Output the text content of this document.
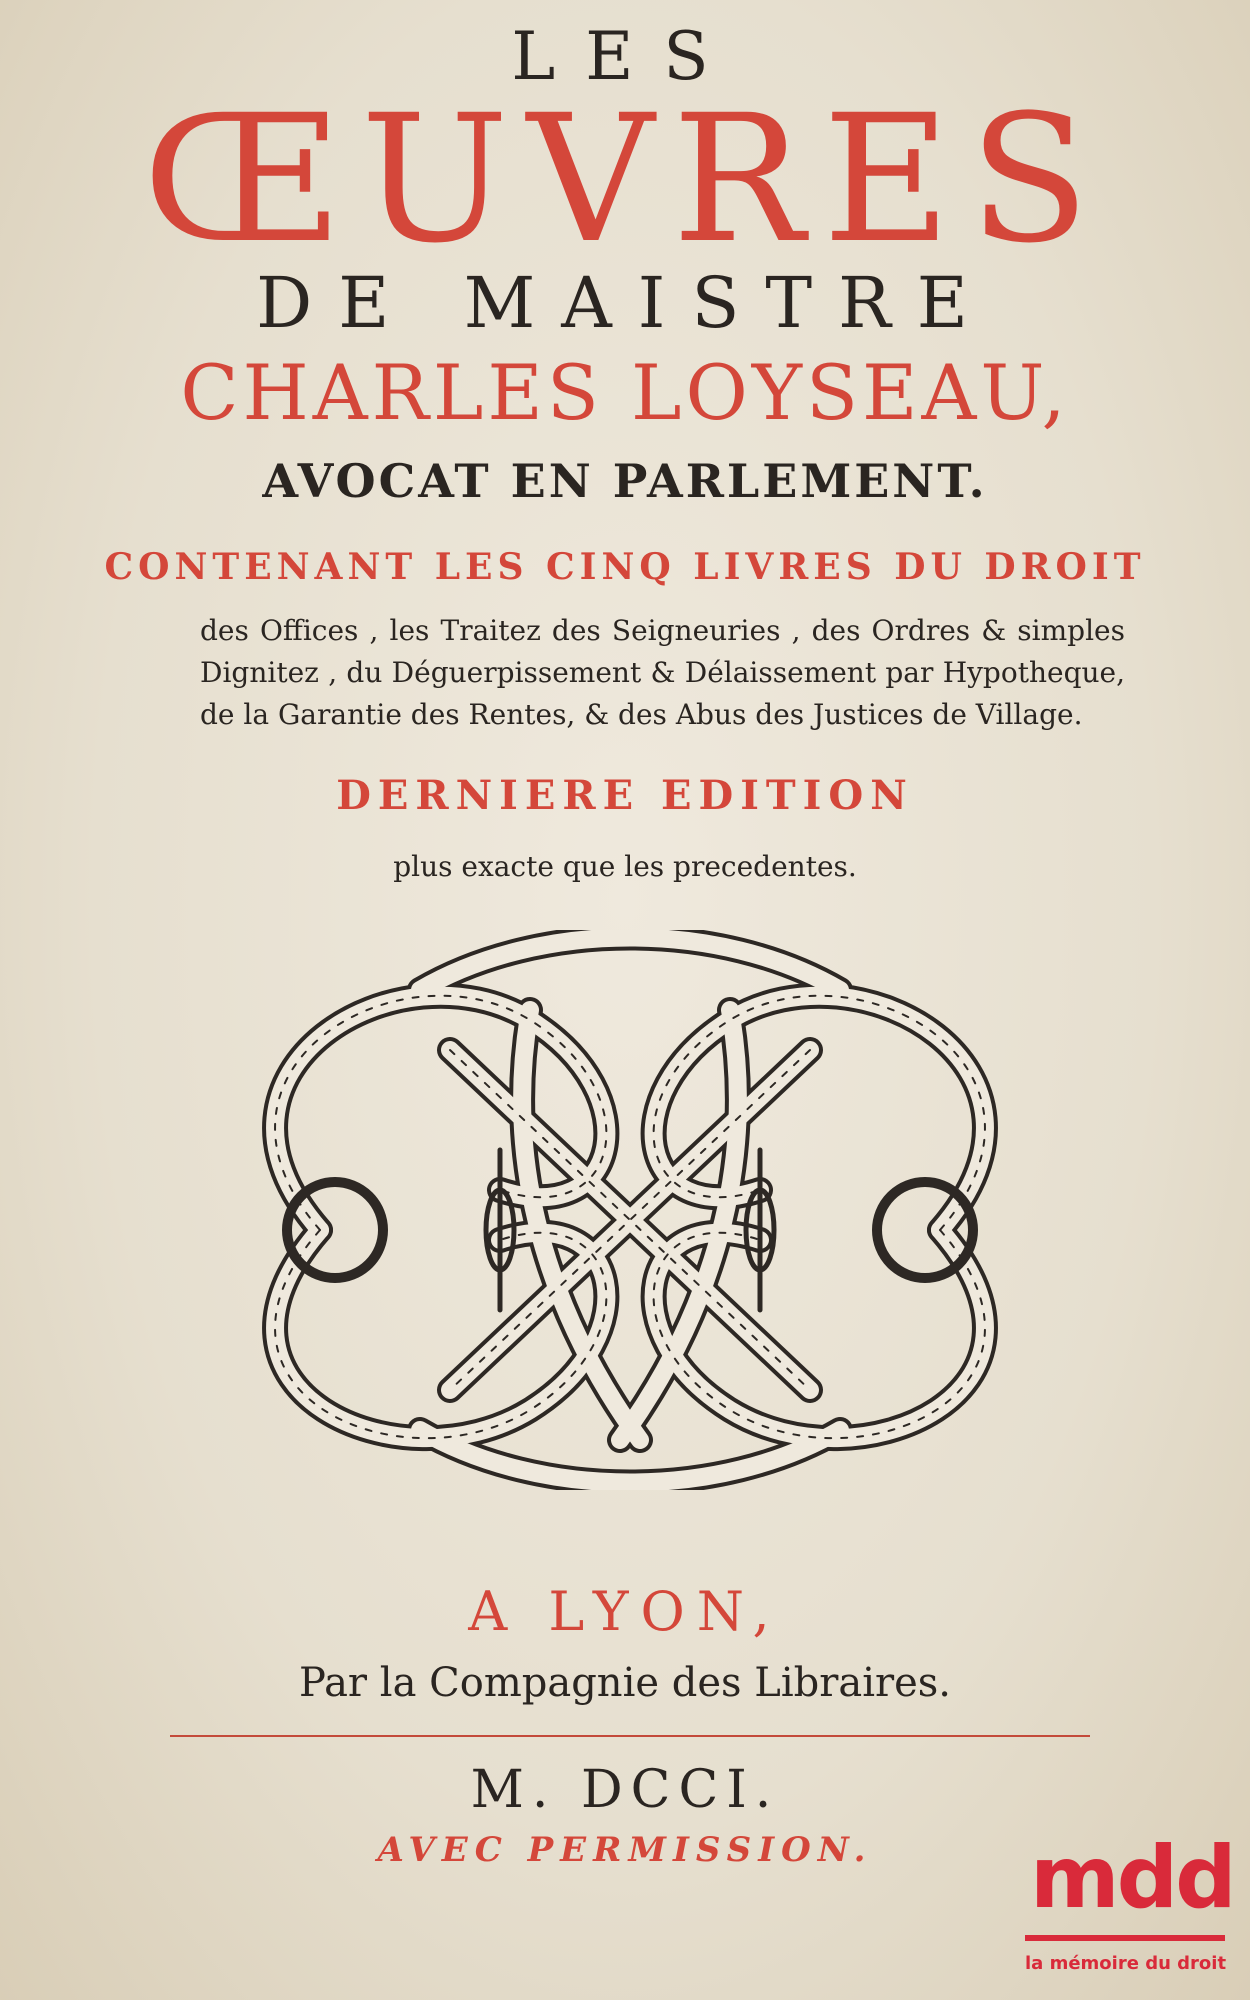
LES
ŒUVRES
DE MAISTRE
CHARLES LOYSEAU,
AVOCAT EN PARLEMENT.
CONTENANT LES CINQ LIVRES DU DROIT
des Offices , les Traitez des Seigneuries , des Ordres & simples
Dignitez , du Déguerpissement & Délaissement par Hypotheque,
de la Garantie des Rentes, & des Abus des Justices de Village.
DERNIERE EDITION
plus exacte que les precedentes.
A LYON,
Par la Compagnie des Libraires.
M. DCCI.
AVEC PERMISSION.	mdd
la mémoire du droit
